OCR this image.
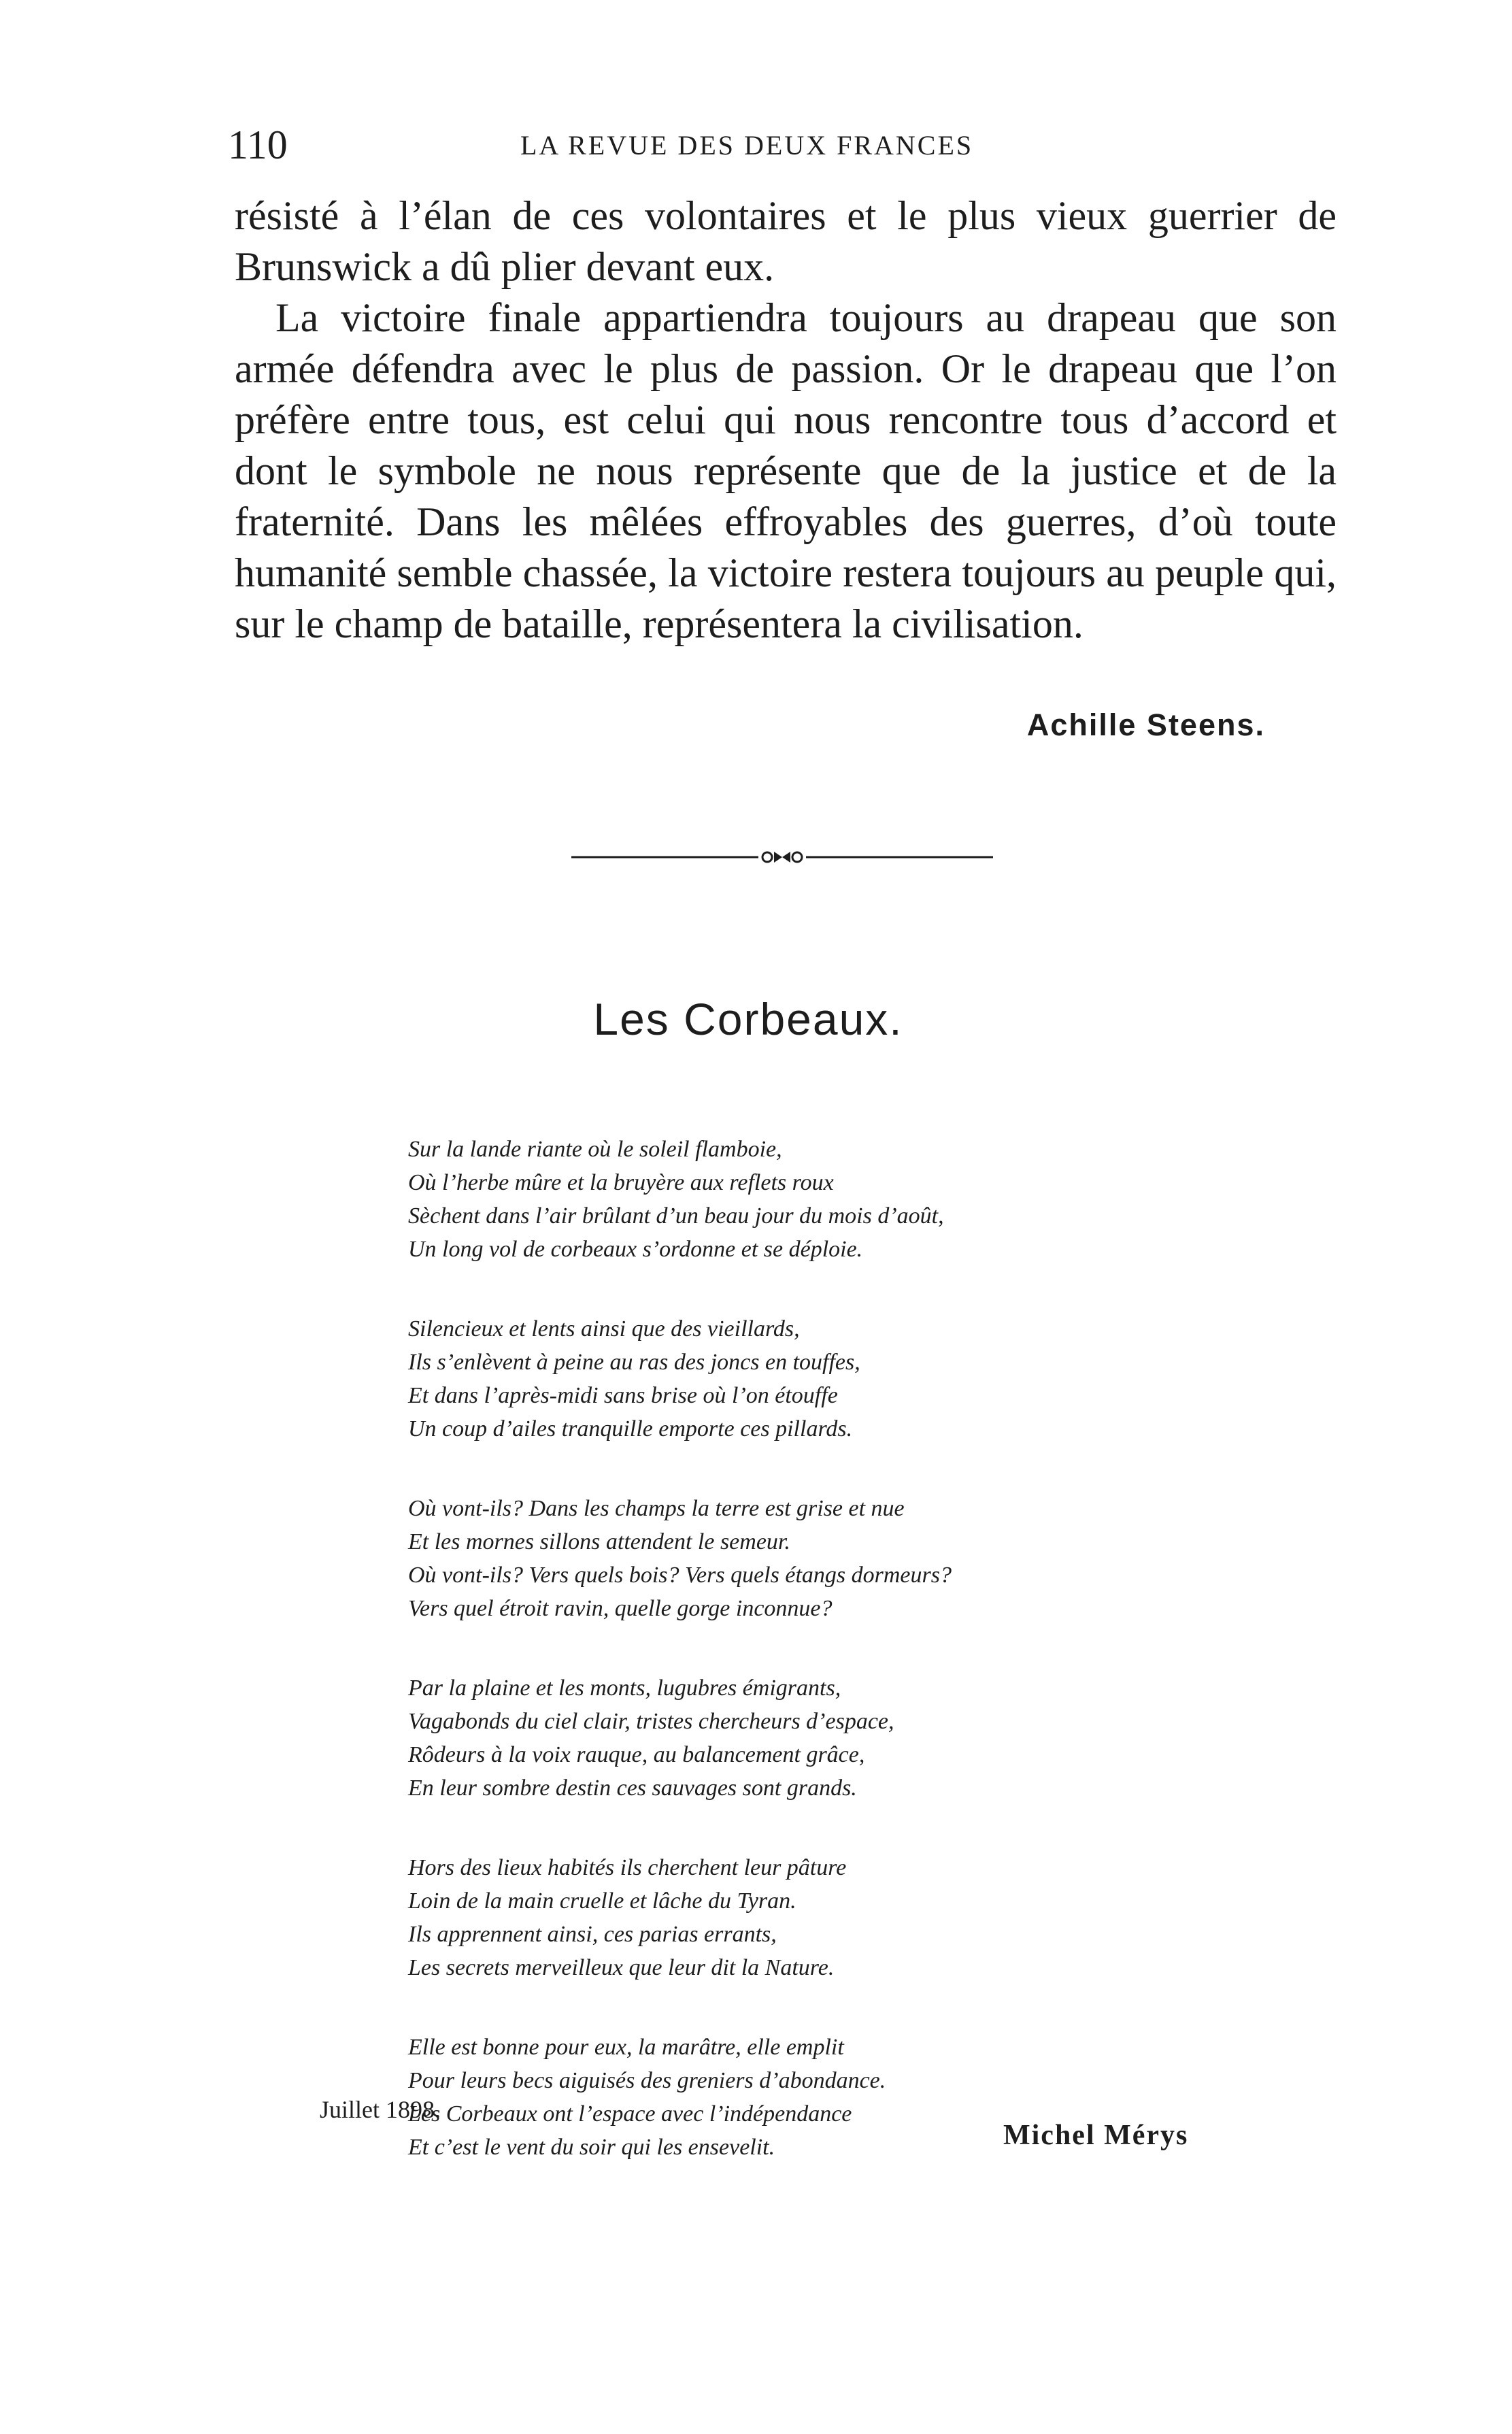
110	LA REVUE DES DEUX FRANCES

résisté à l’élan de ces volontaires et le plus vieux guerrier de Brunswick a dû plier devant eux.

La victoire finale appartiendra toujours au drapeau que son armée défendra avec le plus de passion. Or le drapeau que l’on préfère entre tous, est celui qui nous rencontre tous d’accord et dont le symbole ne nous représente que de la justice et de la fraternité. Dans les mêlées effroyables des guerres, d’où toute humanité semble chassée, la victoire restera toujours au peuple qui, sur le champ de bataille, représentera la civilisation.

Achille Steens.
Les Corbeaux.
Sur la lande riante où le soleil flamboie,
Où l’herbe mûre et la bruyère aux reflets roux
Sèchent dans l’air brûlant d’un beau jour du mois d’août,
Un long vol de corbeaux s’ordonne et se déploie.
Silencieux et lents ainsi que des vieillards,
Ils s’enlèvent à peine au ras des joncs en touffes,
Et dans l’après-midi sans brise où l’on étouffe
Un coup d’ailes tranquille emporte ces pillards.
Où vont-ils? Dans les champs la terre est grise et nue
Et les mornes sillons attendent le semeur.
Où vont-ils? Vers quels bois? Vers quels étangs dormeurs?
Vers quel étroit ravin, quelle gorge inconnue?
Par la plaine et les monts, lugubres émigrants,
Vagabonds du ciel clair, tristes chercheurs d’espace,
Rôdeurs à la voix rauque, au balancement grâce,
En leur sombre destin ces sauvages sont grands.
Hors des lieux habités ils cherchent leur pâture
Loin de la main cruelle et lâche du Tyran.
Ils apprennent ainsi, ces parias errants,
Les secrets merveilleux que leur dit la Nature.
Elle est bonne pour eux, la marâtre, elle emplit
Pour leurs becs aiguisés des greniers d’abondance.
Les Corbeaux ont l’espace avec l’indépendance
Et c’est le vent du soir qui les ensevelit.
Juillet 1898.
Michel Mérys
